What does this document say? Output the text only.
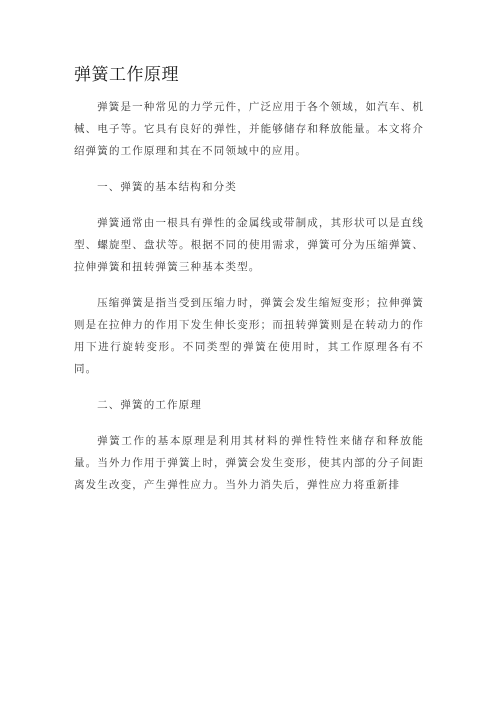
弹簧工作原理

弹簧是一种常见的力学元件，广泛应用于各个领域，如汽车、机械、电子等。它具有良好的弹性，并能够储存和释放能量。本文将介绍弹簧的工作原理和其在不同领域中的应用。

一、弹簧的基本结构和分类

弹簧通常由一根具有弹性的金属线或带制成，其形状可以是直线型、螺旋型、盘状等。根据不同的使用需求，弹簧可分为压缩弹簧、拉伸弹簧和扭转弹簧三种基本类型。

压缩弹簧是指当受到压缩力时，弹簧会发生缩短变形；拉伸弹簧则是在拉伸力的作用下发生伸长变形；而扭转弹簧则是在转动力的作用下进行旋转变形。不同类型的弹簧在使用时，其工作原理各有不同。

二、弹簧的工作原理

弹簧工作的基本原理是利用其材料的弹性特性来储存和释放能量。当外力作用于弹簧上时，弹簧会发生变形，使其内部的分子间距离发生改变，产生弹性应力。当外力消失后，弹性应力将重新排
